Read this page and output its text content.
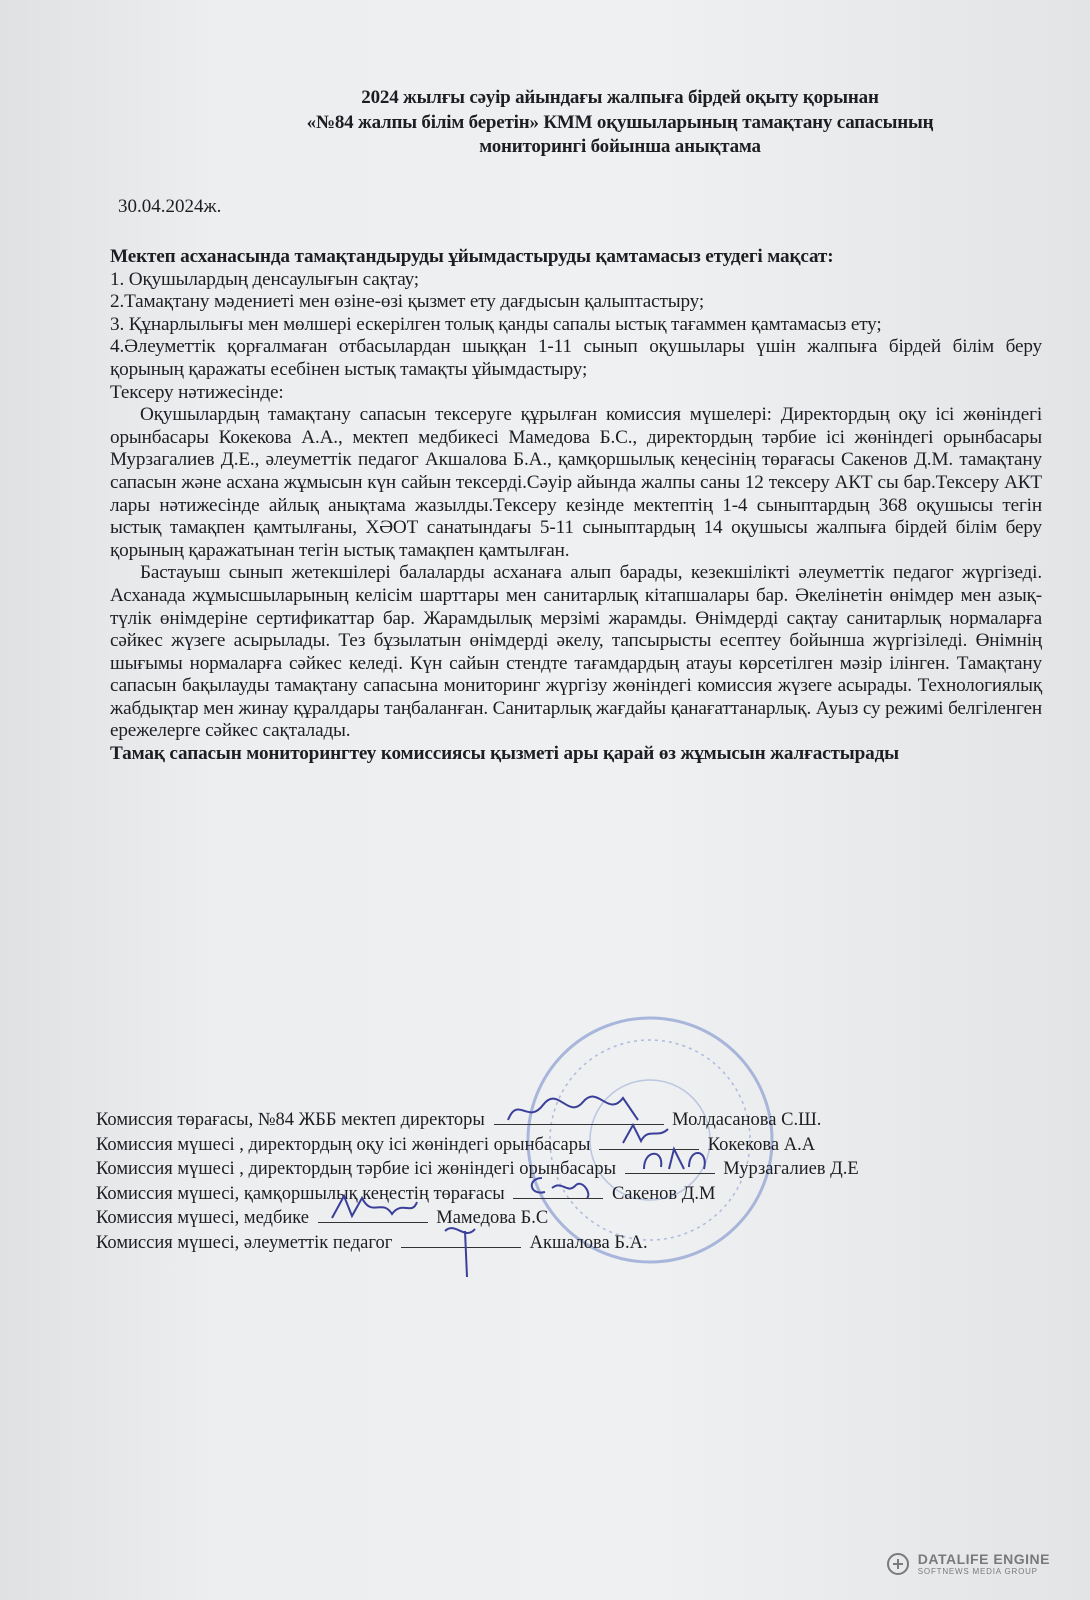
2024 жылғы сәуір айындағы жалпыға бірдей оқыту қорынан
«№84 жалпы білім беретін» КММ оқушыларының тамақтану сапасының
мониторингі бойынша анықтама
30.04.2024ж.

Мектеп асханасында тамақтандыруды ұйымдастыруды қамтамасыз етудегі мақсат:

1. Оқушылардың денсаулығын сақтау;

2.Тамақтану мәдениеті мен өзіне-өзі қызмет ету дағдысын қалыптастыру;

3. Құнарлылығы мен мөлшері ескерілген толық қанды сапалы ыстық тағаммен қамтамасыз ету;

4.Әлеуметтік қорғалмаған отбасылардан шыққан 1-11 сынып оқушылары үшін жалпыға бірдей білім беру қорының қаражаты есебінен ыстық тамақты ұйымдастыру;

Тексеру нәтижесінде:

Оқушылардың тамақтану сапасын тексеруге құрылған комиссия мүшелері: Директордың оқу ісі жөніндегі орынбасары Кокекова А.А., мектеп медбикесі Мамедова Б.С., директордың тәрбие ісі жөніндегі орынбасары Мурзагалиев Д.Е., әлеуметтік педагог Акшалова Б.А., қамқоршылық кеңесінің төрағасы Сакенов Д.М. тамақтану сапасын және асхана жұмысын күн сайын тексерді.Сәуір айында жалпы саны 12 тексеру АКТ сы бар.Тексеру АКТ лары нәтижесінде айлық анықтама жазылды.Тексеру кезінде мектептің 1-4 сыныптардың 368 оқушысы тегін ыстық тамақпен қамтылғаны, ХӘОТ санатындағы 5-11 сыныптардың 14 оқушысы жалпыға бірдей білім беру қорының қаражатынан тегін ыстық тамақпен қамтылған.

Бастауыш сынып жетекшілері балаларды асханаға алып барады, кезекшілікті әлеуметтік педагог жүргізеді. Асханада жұмысшыларының келісім шарттары мен санитарлық кітапшалары бар. Әкелінетін өнімдер мен азық-түлік өнімдеріне сертификаттар бар. Жарамдылық мерзімі жарамды. Өнімдерді сақтау санитарлық нормаларға сәйкес жүзеге асырылады. Тез бұзылатын өнімдерді әкелу, тапсырысты есептеу бойынша жүргізіледі. Өнімнің шығымы нормаларға сәйкес келеді. Күн сайын стендте тағамдардың атауы көрсетілген мәзір ілінген. Тамақтану сапасын бақылауды тамақтану сапасына мониторинг жүргізу жөніндегі комиссия жүзеге асырады. Технологиялық жабдықтар мен жинау құралдары таңбаланған. Санитарлық жағдайы қанағаттанарлық. Ауыз су режимі белгіленген ережелерге сәйкес сақталады.

Тамақ сапасын мониторингтеу комиссиясы қызметі ары қарай өз жұмысын жалғастырады

Комиссия төрағасы, №84 ЖББ мектеп директоры	Молдасанова С.Ш.
Комиссия мүшесі , директордың оқу ісі жөніндегі орынбасары	Кокекова А.А
Комиссия мүшесі , директордың тәрбие ісі жөніндегі орынбасары	Мурзагалиев Д.Е
Комиссия мүшесі, қамқоршылық кеңестің төрағасы	Сакенов Д.М
Комиссия мүшесі, медбике	Мамедова Б.С
Комиссия мүшесі, әлеуметтік педагог	Акшалова Б.А.
DATALIFE ENGINE
SOFTNEWS MEDIA GROUP
